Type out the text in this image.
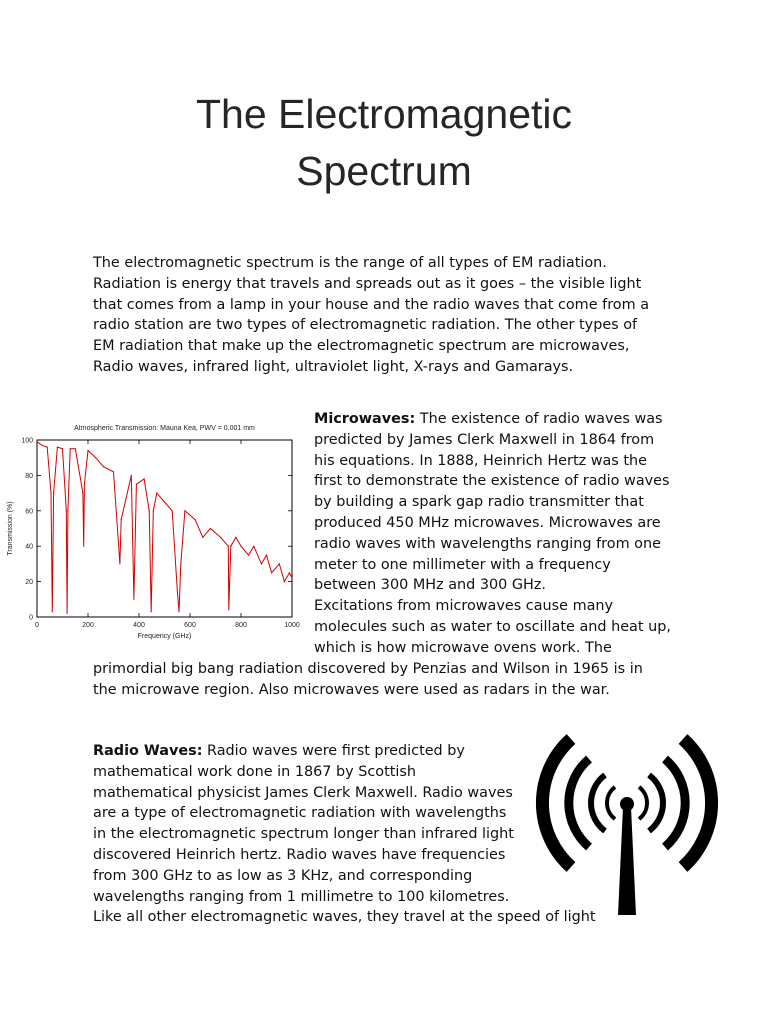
The Electromagnetic
Spectrum
The electromagnetic spectrum is the range of all types of EM radiation.
Radiation is energy that travels and spreads out as it goes – the visible light
that comes from a lamp in your house and the radio waves that come from a
radio station are two types of electromagnetic radiation. The other types of
EM radiation that make up the electromagnetic spectrum are microwaves,
Radio waves, infrared light, ultraviolet light, X-rays and Gamarays.
Atmospheric Transmission: Mauna Kea, PWV = 0.001 mm
0	200	400	600	800	1000
0
20
40
60
80
100
Frequency (GHz)
Transmission (%)
Microwaves: The existence of radio waves was
predicted by James Clerk Maxwell in 1864 from
his equations. In 1888, Heinrich Hertz was the
first to demonstrate the existence of radio waves
by building a spark gap radio transmitter that
produced 450 MHz microwaves. Microwaves are
radio waves with wavelengths ranging from one
meter to one millimeter with a frequency
between 300 MHz and 300 GHz.
Excitations from microwaves cause many
molecules such as water to oscillate and heat up,
which is how microwave ovens work. The
primordial big bang radiation discovered by Penzias and Wilson in 1965 is in
the microwave region. Also microwaves were used as radars in the war.
Radio Waves: Radio waves were first predicted by
mathematical work done in 1867 by Scottish
mathematical physicist James Clerk Maxwell. Radio waves
are a type of electromagnetic radiation with wavelengths
in the electromagnetic spectrum longer than infrared light
discovered Heinrich hertz. Radio waves have frequencies
from 300 GHz to as low as 3 KHz, and corresponding
wavelengths ranging from 1 millimetre to 100 kilometres.
Like all other electromagnetic waves, they travel at the speed of light
